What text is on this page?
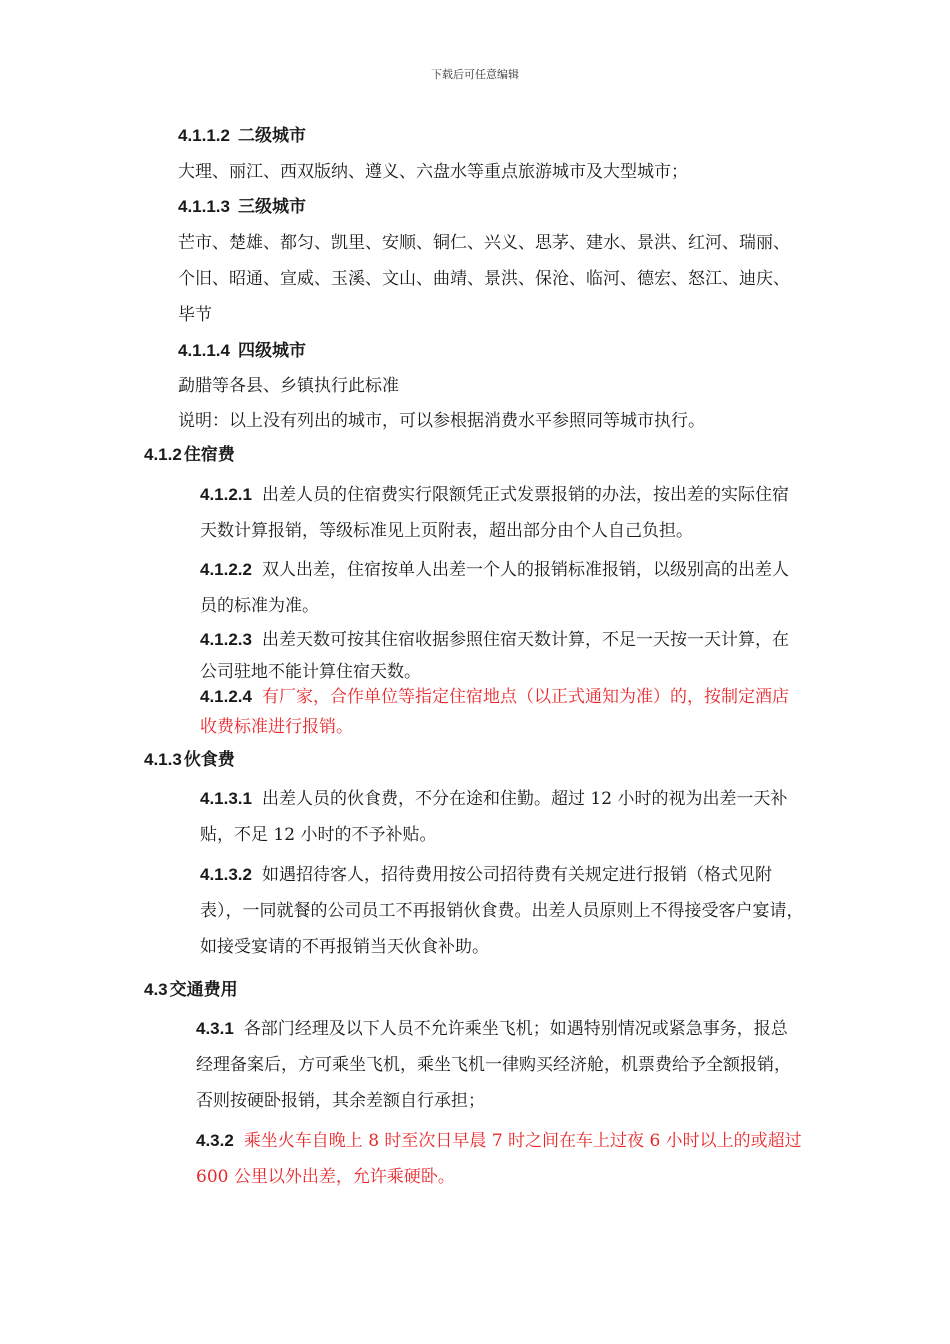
下载后可任意编辑
4.1.1.2 二级城市
大理、丽江、西双版纳、遵义、六盘水等重点旅游城市及大型城市；
4.1.1.3 三级城市
芒市、楚雄、都匀、凯里、安顺、铜仁、兴义、思茅、建水、景洪、红河、瑞丽、
个旧、昭通、宣威、玉溪、文山、曲靖、景洪、保沧、临河、德宏、怒江、迪庆、
毕节
4.1.1.4 四级城市
勐腊等各县、乡镇执行此标准
说明：以上没有列出的城市，可以参根据消费水平参照同等城市执行。
4.1.2 住宿费
4.1.2.1 出差人员的住宿费实行限额凭正式发票报销的办法，按出差的实际住宿
天数计算报销，等级标准见上页附表，超出部分由个人自己负担。
4.1.2.2 双人出差，住宿按单人出差一个人的报销标准报销，以级别高的出差人
员的标准为准。
4.1.2.3 出差天数可按其住宿收据参照住宿天数计算，不足一天按一天计算，在
公司驻地不能计算住宿天数。
4.1.2.4 有厂家，合作单位等指定住宿地点（以正式通知为准）的，按制定酒店
收费标准进行报销。
4.1.3 伙食费
4.1.3.1 出差人员的伙食费，不分在途和住勤。超过 12 小时的视为出差一天补
贴，不足 12 小时的不予补贴。
4.1.3.2 如遇招待客人，招待费用按公司招待费有关规定进行报销（格式见附
表），一同就餐的公司员工不再报销伙食费。出差人员原则上不得接受客户宴请，
如接受宴请的不再报销当天伙食补助。
4.3 交通费用
4.3.1 各部门经理及以下人员不允许乘坐飞机；如遇特别情况或紧急事务，报总
经理备案后，方可乘坐飞机，乘坐飞机一律购买经济舱，机票费给予全额报销，
否则按硬卧报销，其余差额自行承担；
4.3.2 乘坐火车自晚上 8 时至次日早晨 7 时之间在车上过夜 6 小时以上的或超过
600 公里以外出差，允许乘硬卧。
